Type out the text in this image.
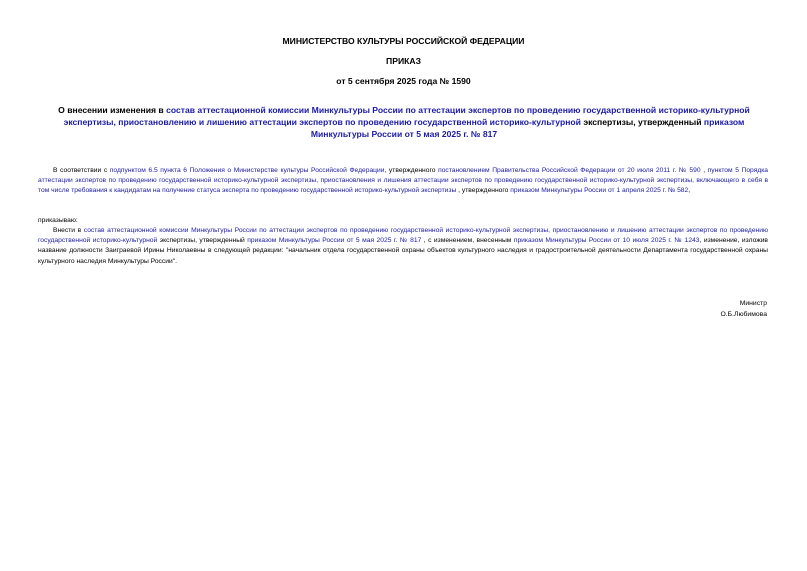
МИНИСТЕРСТВО КУЛЬТУРЫ РОССИЙСКОЙ ФЕДЕРАЦИИ
ПРИКАЗ
от 5 сентября 2025 года № 1590
О внесении изменения в состав аттестационной комиссии Минкультуры России по аттестации экспертов по проведению государственной историко-культурной экспертизы, приостановлению и лишению аттестации экспертов по проведению государственной историко-культурной экспертизы, утвержденный приказом Минкультуры России от 5 мая 2025 г. № 817
В соответствии с подпунктом 6.5 пункта 6 Положения о Министерстве культуры Российской Федерации, утвержденного постановлением Правительства Российской Федерации от 20 июля 2011 г. № 590 , пунктом 5 Порядка аттестации экспертов по проведению государственной историко-культурной экспертизы, приостановления и лишения аттестации экспертов по проведению государственной историко-культурной экспертизы, включающего в себя в том числе требования к кандидатам на получение статуса эксперта по проведению государственной историко-культурной экспертизы , утвержденного приказом Минкультуры России от 1 апреля 2025 г. № 582,
приказываю:
Внести в состав аттестационной комиссии Минкультуры России по аттестации экспертов по проведению государственной историко-культурной экспертизы, приостановлению и лишению аттестации экспертов по проведению государственной историко-культурной экспертизы, утвержденный приказом Минкультуры России от 5 мая 2025 г. № 817 , с изменением, внесенным приказом Минкультуры России от 10 июля 2025 г. № 1243, изменение, изложив название должности Заиграевой Ирины Николаевны в следующей редакции: "начальник отдела государственной охраны объектов культурного наследия и градостроительной деятельности Департамента государственной охраны культурного наследия Минкультуры России".
Министр
О.Б.Любимова
